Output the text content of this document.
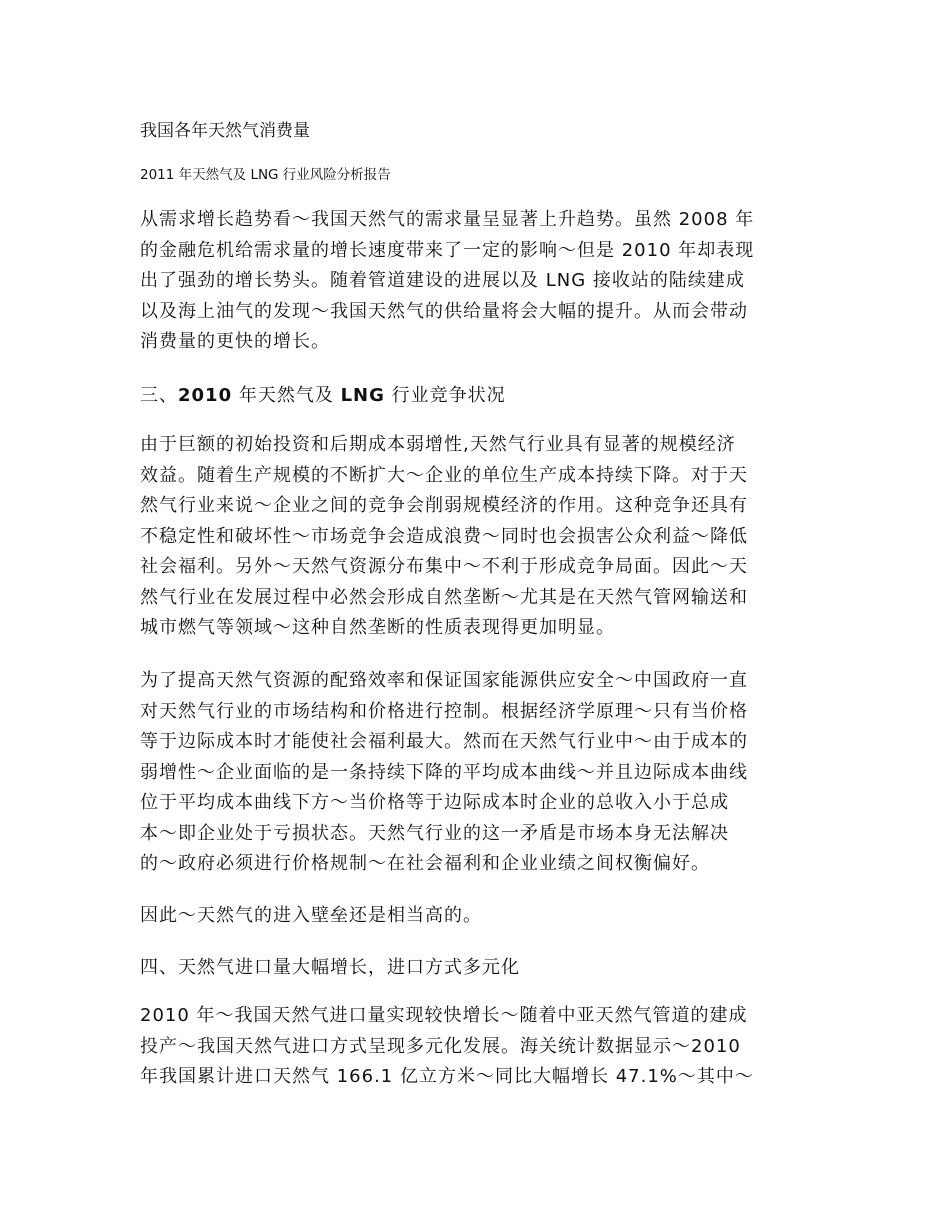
我国各年天然气消费量
2011 年天然气及 LNG 行业风险分析报告
从需求增长趋势看～我国天然气的需求量呈显著上升趋势。虽然 2008 年
的金融危机给需求量的增长速度带来了一定的影响～但是 2010 年却表现
出了强劲的增长势头。随着管道建设的进展以及 LNG 接收站的陆续建成
以及海上油气的发现～我国天然气的供给量将会大幅的提升。从而会带动
消费量的更快的增长。
三、2010 年天然气及 LNG 行业竞争状况
由于巨额的初始投资和后期成本弱增性,天然气行业具有显著的规模经济
效益。随着生产规模的不断扩大～企业的单位生产成本持续下降。对于天
然气行业来说～企业之间的竞争会削弱规模经济的作用。这种竞争还具有
不稳定性和破坏性～市场竞争会造成浪费～同时也会损害公众利益～降低
社会福利。另外～天然气资源分布集中～不利于形成竞争局面。因此～天
然气行业在发展过程中必然会形成自然垄断～尤其是在天然气管网输送和
城市燃气等领域～这种自然垄断的性质表现得更加明显。
为了提高天然气资源的配臵效率和保证国家能源供应安全～中国政府一直
对天然气行业的市场结构和价格进行控制。根据经济学原理～只有当价格
等于边际成本时才能使社会福利最大。然而在天然气行业中～由于成本的
弱增性～企业面临的是一条持续下降的平均成本曲线～并且边际成本曲线
位于平均成本曲线下方～当价格等于边际成本时企业的总收入小于总成
本～即企业处于亏损状态。天然气行业的这一矛盾是市场本身无法解决
的～政府必须进行价格规制～在社会福利和企业业绩之间权衡偏好。
因此～天然气的进入壁垒还是相当高的。
四、天然气进口量大幅增长，进口方式多元化
2010 年～我国天然气进口量实现较快增长～随着中亚天然气管道的建成
投产～我国天然气进口方式呈现多元化发展。海关统计数据显示～2010
年我国累计进口天然气 166.1 亿立方米～同比大幅增长 47.1%～其中～
